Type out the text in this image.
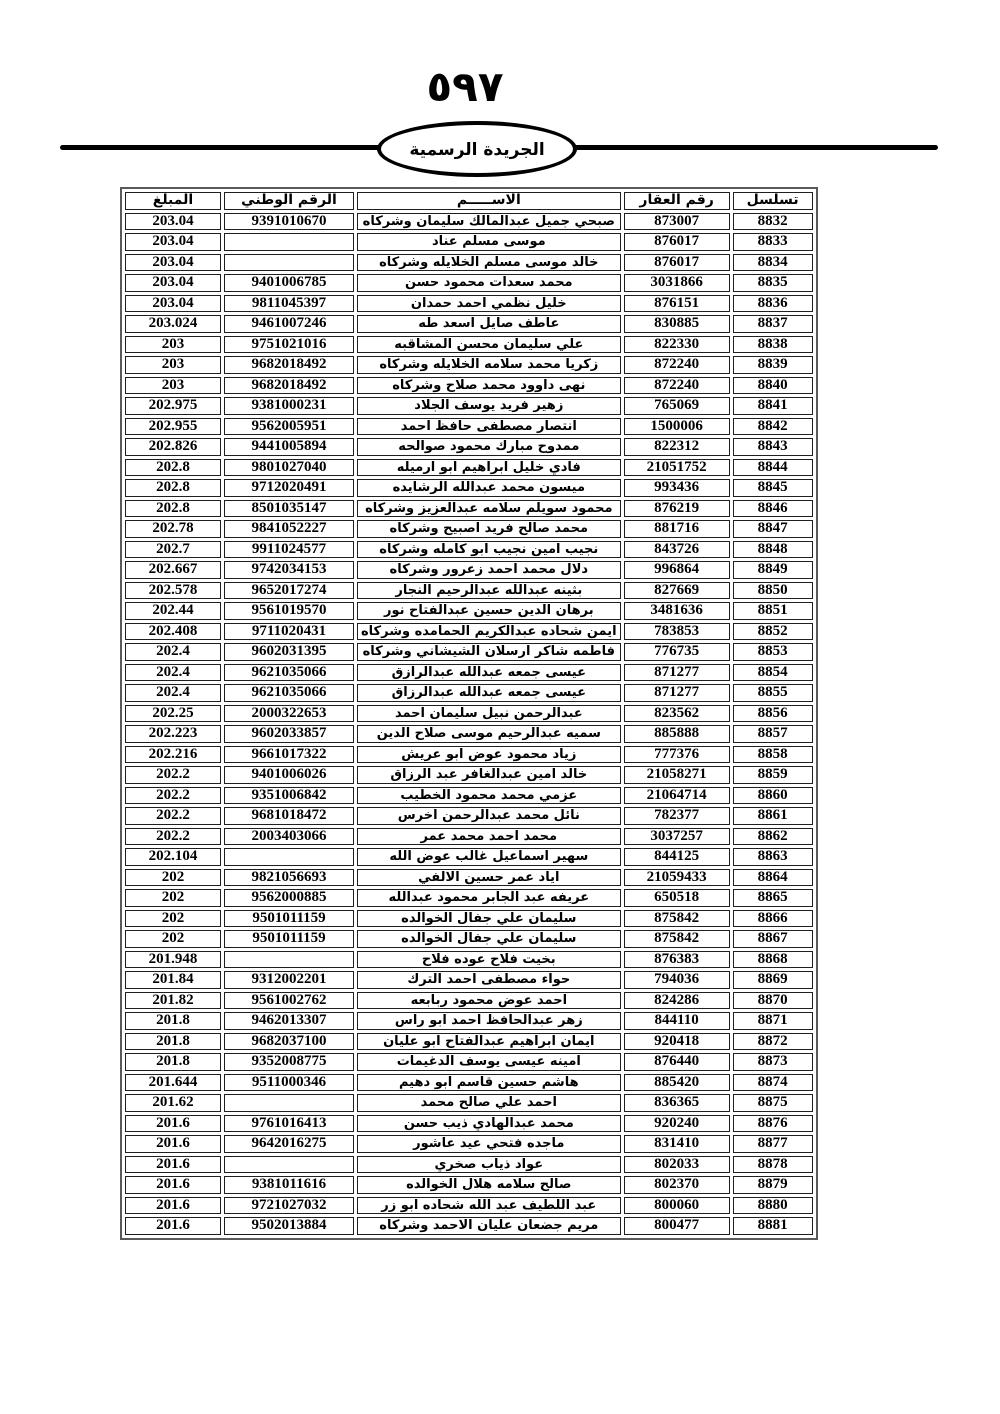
٥٩٧
الجريدة الرسمية
تسلسل	رقم العقار	الاســـــم	الرقم الوطني	المبلغ
8832	873007	صبحي جميل عبدالمالك سليمان وشركاه	9391010670	203.04
8833	876017	موسى مسلم عناد		203.04
8834	876017	خالد موسى مسلم الخلايله وشركاه		203.04
8835	3031866	محمد سعدات محمود حسن	9401006785	203.04
8836	876151	خليل نظمي احمد حمدان	9811045397	203.04
8837	830885	عاطف صايل اسعد طه	9461007246	203.024
8838	822330	علي سليمان محسن المشاقبه	9751021016	203
8839	872240	زكريا محمد سلامه الخلايله وشركاه	9682018492	203
8840	872240	نهى داوود محمد صلاح وشركاه	9682018492	203
8841	765069	زهير فريد يوسف الجلاد	9381000231	202.975
8842	1500006	انتصار مصطفى حافظ احمد	9562005951	202.955
8843	822312	ممدوح مبارك محمود صوالحه	9441005894	202.826
8844	21051752	فادي خليل ابراهيم ابو ارميله	9801027040	202.8
8845	993436	ميسون محمد عبدالله الرشايده	9712020491	202.8
8846	876219	محمود سويلم سلامه عبدالعزيز وشركاه	8501035147	202.8
8847	881716	محمد صالح فريد اصبيح وشركاه	9841052227	202.78
8848	843726	نجيب امين نجيب ابو كامله وشركاه	9911024577	202.7
8849	996864	دلال محمد احمد زعرور وشركاه	9742034153	202.667
8850	827669	بثينه عبدالله عبدالرحيم النجار	9652017274	202.578
8851	3481636	برهان الدين حسين عبدالفتاح نور	9561019570	202.44
8852	783853	ايمن شحاده عبدالكريم الحمامده وشركاه	9711020431	202.408
8853	776735	فاطمه شاكر ارسلان الشيشاني وشركاه	9602031395	202.4
8854	871277	عيسى جمعه عبدالله عبدالرازق	9621035066	202.4
8855	871277	عيسى جمعه عبدالله عبدالرزاق	9621035066	202.4
8856	823562	عبدالرحمن نبيل سليمان احمد	2000322653	202.25
8857	885888	سميه عبدالرحيم موسى صلاح الدين	9602033857	202.223
8858	777376	زياد محمود عوض ابو عريش	9661017322	202.216
8859	21058271	خالد امين عبدالغافر عبد الرزاق	9401006026	202.2
8860	21064714	عزمي محمد محمود الخطيب	9351006842	202.2
8861	782377	نائل محمد عبدالرحمن اخرس	9681018472	202.2
8862	3037257	محمد احمد محمد عمر	2003403066	202.2
8863	844125	سهير اسماعيل غالب عوض الله		202.104
8864	21059433	اياد عمر حسين الالفي	9821056693	202
8865	650518	عريفه عبد الجابر محمود عبدالله	9562000885	202
8866	875842	سليمان علي جفال الخوالده	9501011159	202
8867	875842	سليمان علي جفال الخوالده	9501011159	202
8868	876383	بخيت فلاح عوده فلاح		201.948
8869	794036	حواء مصطفى احمد الترك	9312002201	201.84
8870	824286	احمد عوض محمود ربابعه	9561002762	201.82
8871	844110	زهر عبدالحافظ احمد ابو راس	9462013307	201.8
8872	920418	ايمان ابراهيم عبدالفتاح ابو عليان	9682037100	201.8
8873	876440	امينه عيسى يوسف الدغيمات	9352008775	201.8
8874	885420	هاشم حسين قاسم ابو دهيم	9511000346	201.644
8875	836365	احمد علي صالح محمد		201.62
8876	920240	محمد عبدالهادي ذيب حسن	9761016413	201.6
8877	831410	ماجده فتحي عيد عاشور	9642016275	201.6
8878	802033	عواد ذياب صخري		201.6
8879	802370	صالح سلامه هلال الخوالده	9381011616	201.6
8880	800060	عبد اللطيف عبد الله شحاده ابو زر	9721027032	201.6
8881	800477	مريم جضعان عليان الاحمد وشركاه	9502013884	201.6
